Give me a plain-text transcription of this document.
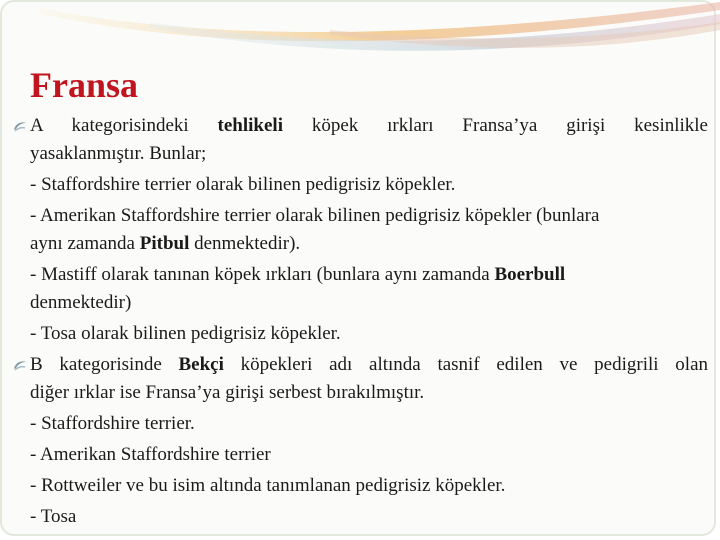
Fransa
A kategorisindeki tehlikeli köpek ırkları Fransa’ya girişi kesinlikle
yasaklanmıştır. Bunlar;
- Staffordshire terrier olarak bilinen pedigrisiz köpekler.
- Amerikan Staffordshire terrier olarak bilinen pedigrisiz köpekler (bunlara
aynı zamanda Pitbul denmektedir).
- Mastiff olarak tanınan köpek ırkları (bunlara aynı zamanda Boerbull
denmektedir)
- Tosa olarak bilinen pedigrisiz köpekler.
B kategorisinde Bekçi köpekleri adı altında tasnif edilen ve pedigrili olan
diğer ırklar ise Fransa’ya girişi serbest bırakılmıştır.
- Staffordshire terrier.
- Amerikan Staffordshire terrier
- Rottweiler ve bu isim altında tanımlanan pedigrisiz köpekler.
- Tosa
